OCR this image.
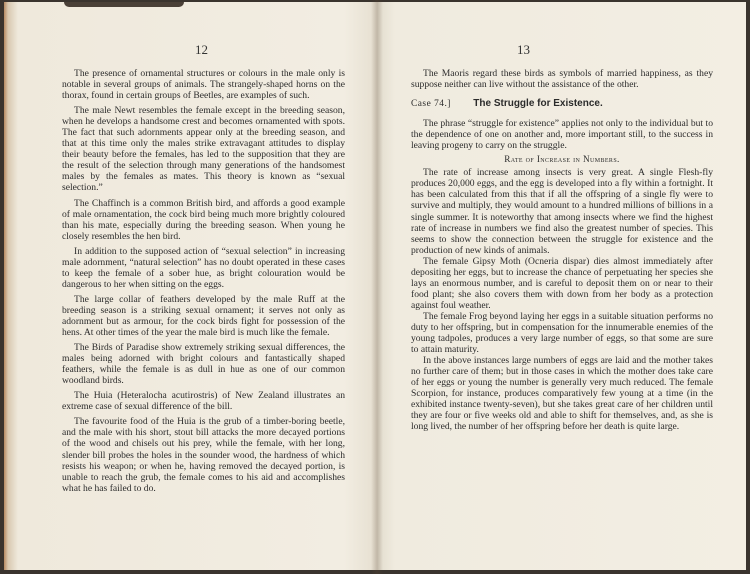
12

The presence of ornamental structures or colours in the male only is notable in several groups of animals. The strangely-shaped horns on the thorax, found in certain groups of Beetles, are examples of such.

The male Newt resembles the female except in the breeding season, when he develops a handsome crest and becomes ornamented with spots. The fact that such adornments appear only at the breeding season, and that at this time only the males strike extravagant attitudes to display their beauty before the females, has led to the supposition that they are the result of the selection through many generations of the handsomest males by the females as mates. This theory is known as “sexual selection.”

The Chaffinch is a common British bird, and affords a good example of male ornamentation, the cock bird being much more brightly coloured than his mate, especially during the breeding season. When young he closely resembles the hen bird.

In addition to the supposed action of “sexual selection” in increasing male adornment, “natural selection” has no doubt operated in these cases to keep the female of a sober hue, as bright colouration would be dangerous to her when sitting on the eggs.

The large collar of feathers developed by the male Ruff at the breeding season is a striking sexual ornament; it serves not only as adornment but as armour, for the cock birds fight for possession of the hens. At other times of the year the male bird is much like the female.

The Birds of Paradise show extremely striking sexual differences, the males being adorned with bright colours and fantastically shaped feathers, while the female is as dull in hue as one of our common woodland birds.

The Huia (Heteralocha acutirostris) of New Zealand illustrates an extreme case of sexual difference of the bill.

The favourite food of the Huia is the grub of a timber-boring beetle, and the male with his short, stout bill attacks the more decayed portions of the wood and chisels out his prey, while the female, with her long, slender bill probes the holes in the sounder wood, the hardness of which resists his weapon; or when he, having removed the decayed portion, is unable to reach the grub, the female comes to his aid and accomplishes what he has failed to do.

13

The Maoris regard these birds as symbols of married happiness, as they suppose neither can live without the assistance of the other.

Case 74.] The Struggle for Existence.

The phrase “struggle for existence” applies not only to the individual but to the dependence of one on another and, more important still, to the success in leaving progeny to carry on the struggle.

Rate of Increase in Numbers.

The rate of increase among insects is very great. A single Flesh-fly produces 20,000 eggs, and the egg is developed into a fly within a fortnight. It has been calculated from this that if all the offspring of a single fly were to survive and multiply, they would amount to a hundred millions of billions in a single summer. It is noteworthy that among insects where we find the highest rate of increase in numbers we find also the greatest number of species. This seems to show the connection between the struggle for existence and the production of new kinds of animals.

The female Gipsy Moth (Ocneria dispar) dies almost immediately after depositing her eggs, but to increase the chance of perpetuating her species she lays an enormous number, and is careful to deposit them on or near to their food plant; she also covers them with down from her body as a protection against foul weather.

The female Frog beyond laying her eggs in a suitable situation performs no duty to her offspring, but in compensation for the innumerable enemies of the young tadpoles, produces a very large number of eggs, so that some are sure to attain maturity.

In the above instances large numbers of eggs are laid and the mother takes no further care of them; but in those cases in which the mother does take care of her eggs or young the number is generally very much reduced. The female Scorpion, for instance, produces comparatively few young at a time (in the exhibited instance twenty-seven), but she takes great care of her children until they are four or five weeks old and able to shift for themselves, and, as she is long lived, the number of her offspring before her death is quite large.
